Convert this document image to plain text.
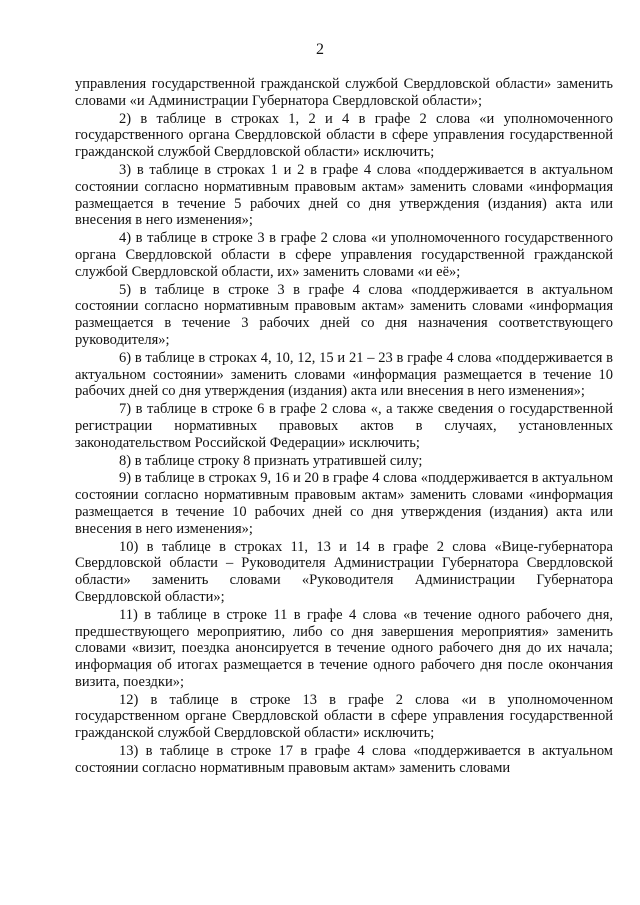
2

управления государственной гражданской службой Свердловской области» заменить словами «и Администрации Губернатора Свердловской области»;

2) в таблице в строках 1, 2 и 4 в графе 2 слова «и уполномоченного государственного органа Свердловской области в сфере управления государственной гражданской службой Свердловской области» исключить;

3) в таблице в строках 1 и 2 в графе 4 слова «поддерживается в актуальном состоянии согласно нормативным правовым актам» заменить словами «информация размещается в течение 5 рабочих дней со дня утверждения (издания) акта или внесения в него изменения»;

4) в таблице в строке 3 в графе 2 слова «и уполномоченного государственного органа Свердловской области в сфере управления государственной гражданской службой Свердловской области, их» заменить словами «и её»;

5) в таблице в строке 3 в графе 4 слова «поддерживается в актуальном состоянии согласно нормативным правовым актам» заменить словами «информация размещается в течение 3 рабочих дней со дня назначения соответствующего руководителя»;

6) в таблице в строках 4, 10, 12, 15 и 21 – 23 в графе 4 слова «поддерживается в актуальном состоянии» заменить словами «информация размещается в течение 10 рабочих дней со дня утверждения (издания) акта или внесения в него изменения»;

7) в таблице в строке 6 в графе 2 слова «, а также сведения о государственной регистрации нормативных правовых актов в случаях, установленных законодательством Российской Федерации» исключить;

8) в таблице строку 8 признать утратившей силу;

9) в таблице в строках 9, 16 и 20 в графе 4 слова «поддерживается в актуальном состоянии согласно нормативным правовым актам» заменить словами «информация размещается в течение 10 рабочих дней со дня утверждения (издания) акта или внесения в него изменения»;

10) в таблице в строках 11, 13 и 14 в графе 2 слова «Вице-губернатора Свердловской области – Руководителя Администрации Губернатора Свердловской области» заменить словами «Руководителя Администрации Губернатора Свердловской области»;

11) в таблице в строке 11 в графе 4 слова «в течение одного рабочего дня, предшествующего мероприятию, либо со дня завершения мероприятия» заменить словами «визит, поездка анонсируется в течение одного рабочего дня до их начала; информация об итогах размещается в течение одного рабочего дня после окончания визита, поездки»;

12) в таблице в строке 13 в графе 2 слова «и в уполномоченном государственном органе Свердловской области в сфере управления государственной гражданской службой Свердловской области» исключить;

13) в таблице в строке 17 в графе 4 слова «поддерживается в актуальном состоянии согласно нормативным правовым актам» заменить словами
